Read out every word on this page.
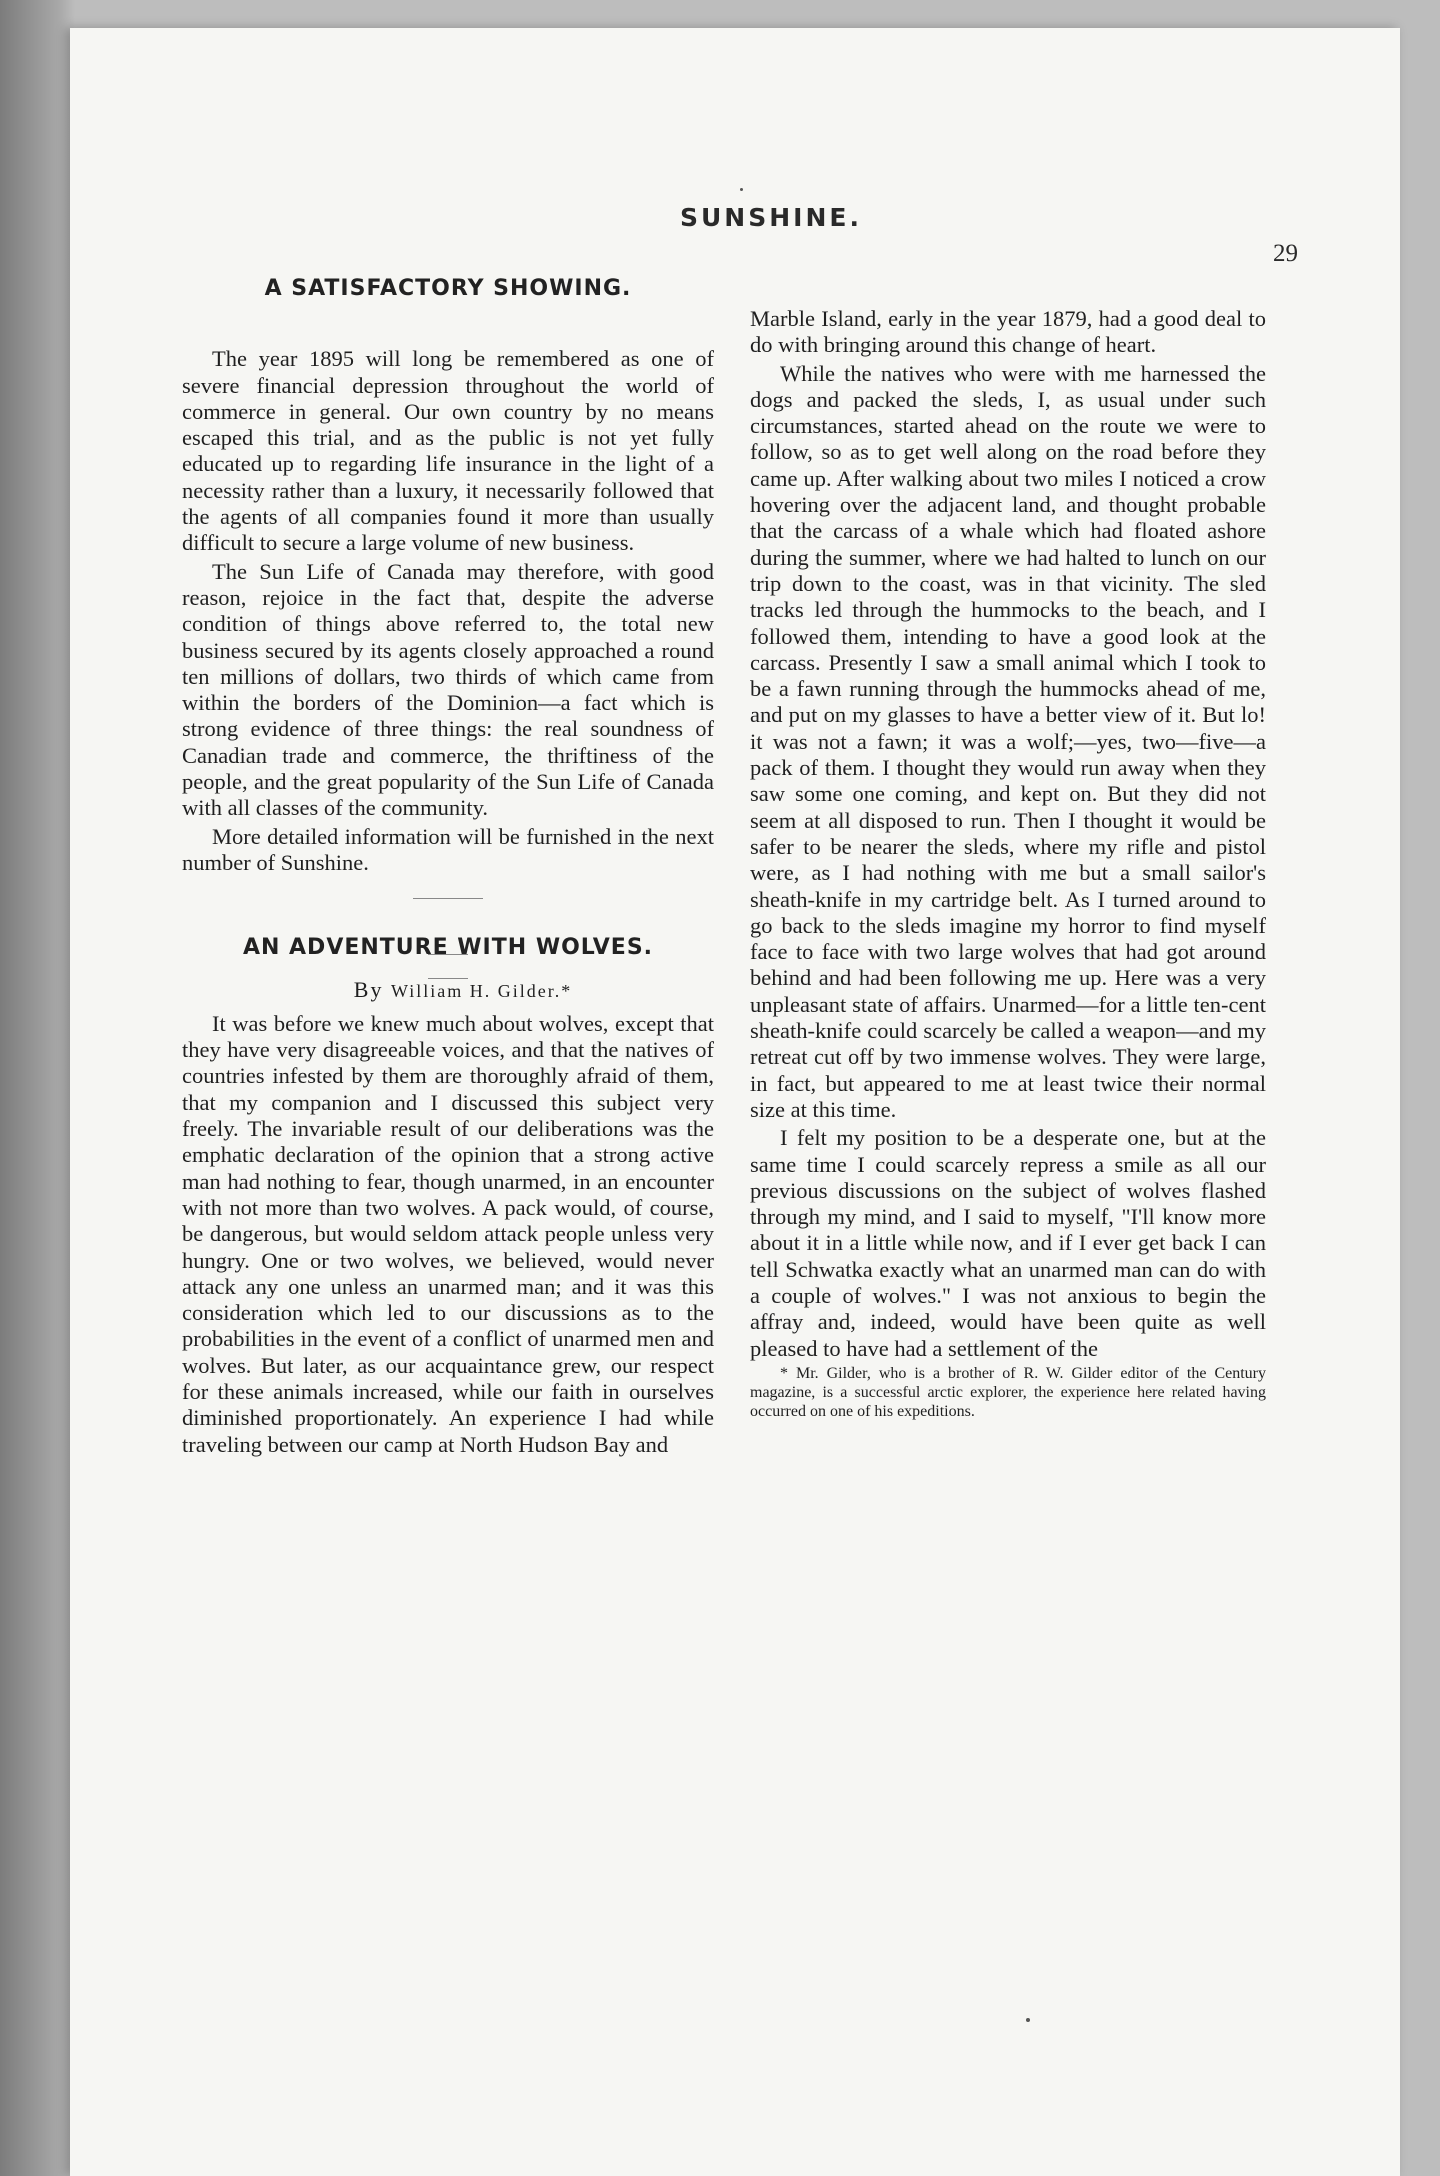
SUNSHINE.
29
A SATISFACTORY SHOWING.

The year 1895 will long be remembered as one of severe financial depression throughout the world of commerce in general. Our own country by no means escaped this trial, and as the public is not yet fully educated up to regarding life insurance in the light of a necessity rather than a luxury, it necessarily followed that the agents of all companies found it more than usually difficult to secure a large volume of new business.

The Sun Life of Canada may therefore, with good reason, rejoice in the fact that, despite the adverse condition of things above referred to, the total new business secured by its agents closely approached a round ten millions of dollars, two thirds of which came from within the borders of the Dominion—a fact which is strong evidence of three things: the real soundness of Canadian trade and commerce, the thriftiness of the people, and the great popularity of the Sun Life of Canada with all classes of the community.

More detailed information will be furnished in the next number of Sunshine.

AN ADVENTURE WITH WOLVES.

By William H. Gilder.*

It was before we knew much about wolves, except that they have very disagreeable voices, and that the natives of countries infested by them are thoroughly afraid of them, that my companion and I discussed this subject very freely. The invariable result of our deliberations was the emphatic declaration of the opinion that a strong active man had nothing to fear, though unarmed, in an encounter with not more than two wolves. A pack would, of course, be dangerous, but would seldom attack people unless very hungry. One or two wolves, we believed, would never attack any one unless an unarmed man; and it was this consideration which led to our discussions as to the probabilities in the event of a conflict of unarmed men and wolves. But later, as our acquaintance grew, our respect for these animals increased, while our faith in ourselves diminished proportionately. An experience I had while traveling between our camp at North Hudson Bay and

Marble Island, early in the year 1879, had a good deal to do with bringing around this change of heart.

While the natives who were with me harnessed the dogs and packed the sleds, I, as usual under such circumstances, started ahead on the route we were to follow, so as to get well along on the road before they came up. After walking about two miles I noticed a crow hovering over the adjacent land, and thought probable that the carcass of a whale which had floated ashore during the summer, where we had halted to lunch on our trip down to the coast, was in that vicinity. The sled tracks led through the hummocks to the beach, and I followed them, intending to have a good look at the carcass. Presently I saw a small animal which I took to be a fawn running through the hummocks ahead of me, and put on my glasses to have a better view of it. But lo! it was not a fawn; it was a wolf;—yes, two—five—a pack of them. I thought they would run away when they saw some one coming, and kept on. But they did not seem at all disposed to run. Then I thought it would be safer to be nearer the sleds, where my rifle and pistol were, as I had nothing with me but a small sailor's sheath-knife in my cartridge belt. As I turned around to go back to the sleds imagine my horror to find myself face to face with two large wolves that had got around behind and had been following me up. Here was a very unpleasant state of affairs. Unarmed—for a little ten-cent sheath-knife could scarcely be called a weapon—and my retreat cut off by two immense wolves. They were large, in fact, but appeared to me at least twice their normal size at this time.

I felt my position to be a desperate one, but at the same time I could scarcely repress a smile as all our previous discussions on the subject of wolves flashed through my mind, and I said to myself, "I'll know more about it in a little while now, and if I ever get back I can tell Schwatka exactly what an unarmed man can do with a couple of wolves." I was not anxious to begin the affray and, indeed, would have been quite as well pleased to have had a settlement of the

* Mr. Gilder, who is a brother of R. W. Gilder editor of the Century magazine, is a successful arctic explorer, the experience here related having occurred on one of his expeditions.
